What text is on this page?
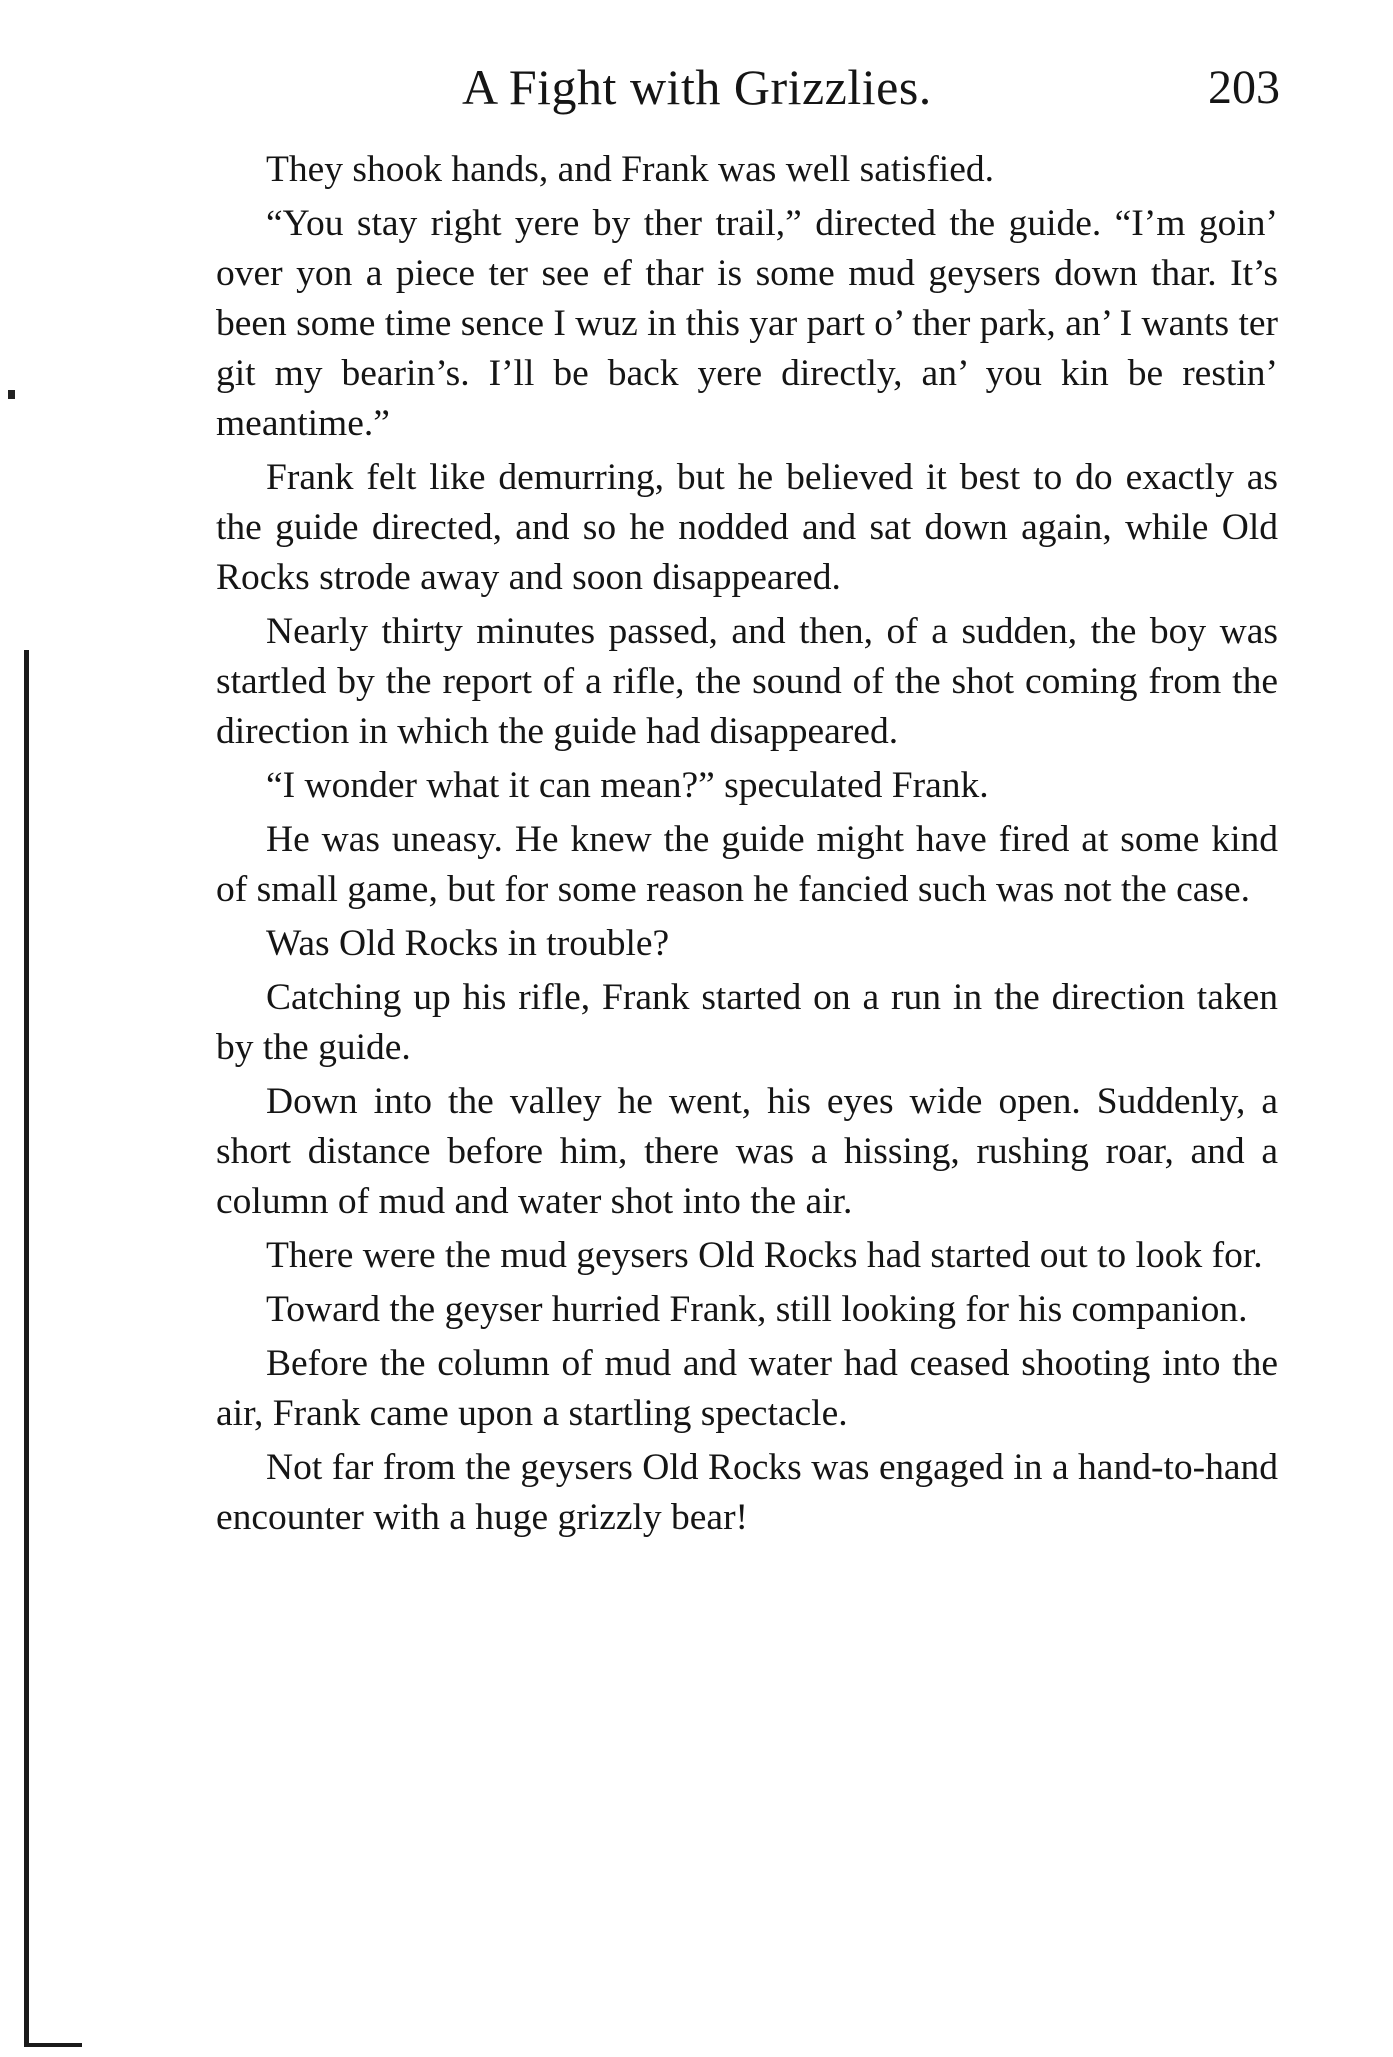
A Fight with Grizzlies.	203

They shook hands, and Frank was well satisfied.

“You stay right yere by ther trail,” directed the guide. “I’m goin’ over yon a piece ter see ef thar is some mud geysers down thar. It’s been some time sence I wuz in this yar part o’ ther park, an’ I wants ter git my bearin’s. I’ll be back yere directly, an’ you kin be restin’ meantime.”

Frank felt like demurring, but he believed it best to do exactly as the guide directed, and so he nodded and sat down again, while Old Rocks strode away and soon disappeared.

Nearly thirty minutes passed, and then, of a sudden, the boy was startled by the report of a rifle, the sound of the shot coming from the direction in which the guide had disappeared.

“I wonder what it can mean?” speculated Frank.

He was uneasy. He knew the guide might have fired at some kind of small game, but for some reason he fancied such was not the case.

Was Old Rocks in trouble?

Catching up his rifle, Frank started on a run in the direction taken by the guide.

Down into the valley he went, his eyes wide open. Suddenly, a short distance before him, there was a hissing, rushing roar, and a column of mud and water shot into the air.

There were the mud geysers Old Rocks had started out to look for.

Toward the geyser hurried Frank, still looking for his companion.

Before the column of mud and water had ceased shooting into the air, Frank came upon a startling spectacle.

Not far from the geysers Old Rocks was engaged in a hand-to-hand encounter with a huge grizzly bear!
